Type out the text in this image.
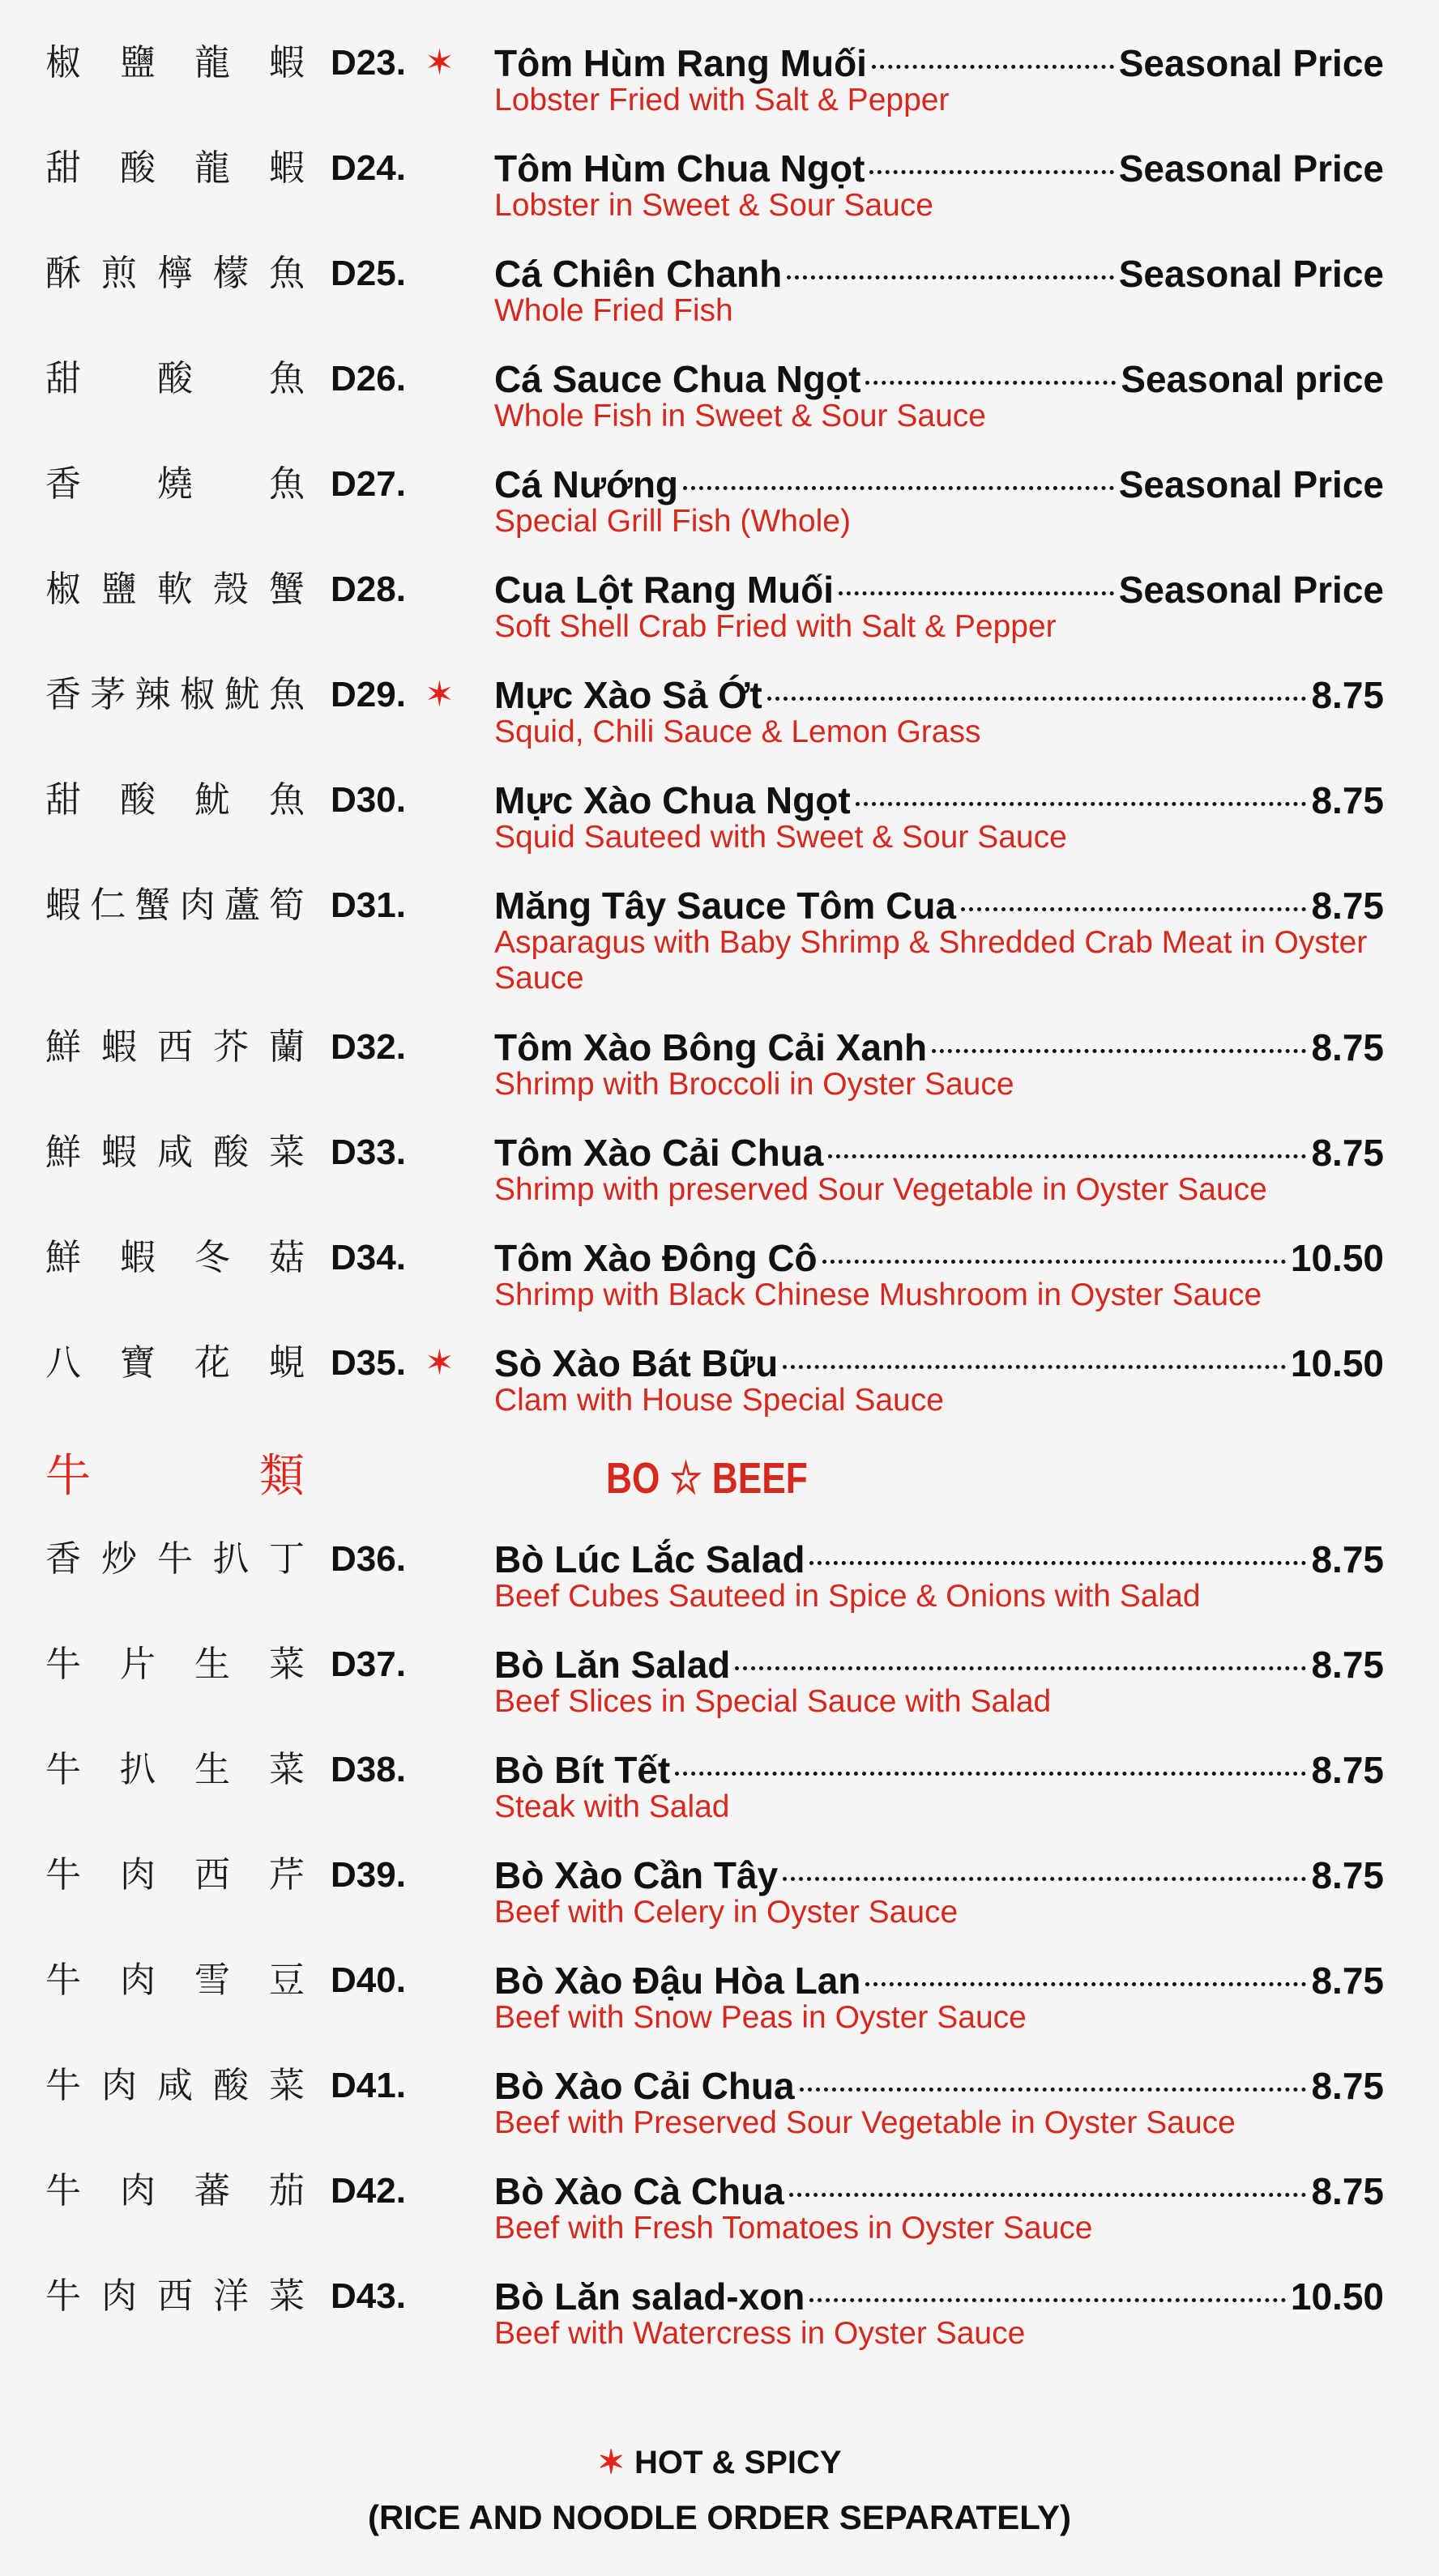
牛	類	BO ☆ BEEF
✶ HOT & SPICY
(RICE AND NOODLE ORDER SEPARATELY)
椒 鹽 龍 蝦 D23. ✶ Tôm Hùm Rang Muối	Seasonal Price
Lobster Fried with Salt & Pepper
甜 酸 龍 蝦 D24. Tôm Hùm Chua Ngọt	Seasonal Price
Lobster in Sweet & Sour Sauce
酥 煎 檸 檬 魚 D25. Cá Chiên Chanh	Seasonal Price
Whole Fried Fish
甜 酸 魚 D26. Cá Sauce Chua Ngọt	Seasonal price
Whole Fish in Sweet & Sour Sauce
香 燒 魚 D27. Cá Nướng	Seasonal Price
Special Grill Fish (Whole)
椒 鹽 軟 殼 蟹 D28. Cua Lột Rang Muối	Seasonal Price
Soft Shell Crab Fried with Salt & Pepper
香 茅 辣 椒 魷 魚 D29. ✶ Mực Xào Sả Ớt	8.75
Squid, Chili Sauce & Lemon Grass
甜 酸 魷 魚 D30. Mực Xào Chua Ngọt	8.75
Squid Sauteed with Sweet & Sour Sauce
蝦 仁 蟹 肉 蘆 筍 D31. Măng Tây Sauce Tôm Cua	8.75
Asparagus with Baby Shrimp & Shredded Crab Meat in Oyster Sauce
鮮 蝦 西 芥 蘭 D32. Tôm Xào Bông Cải Xanh	8.75
Shrimp with Broccoli in Oyster Sauce
鮮 蝦 咸 酸 菜 D33. Tôm Xào Cải Chua	8.75
Shrimp with preserved Sour Vegetable in Oyster Sauce
鮮 蝦 冬 菇 D34. Tôm Xào Đông Cô	10.50
Shrimp with Black Chinese Mushroom in Oyster Sauce
八 寶 花 蜆 D35. ✶ Sò Xào Bát Bữu	10.50
Clam with House Special Sauce
香 炒 牛 扒 丁 D36. Bò Lúc Lắc Salad	8.75
Beef Cubes Sauteed in Spice & Onions with Salad
牛 片 生 菜 D37. Bò Lăn Salad	8.75
Beef Slices in Special Sauce with Salad
牛 扒 生 菜 D38. Bò Bít Tết	8.75
Steak with Salad
牛 肉 西 芹 D39. Bò Xào Cần Tây	8.75
Beef with Celery in Oyster Sauce
牛 肉 雪 豆 D40. Bò Xào Đậu Hòa Lan	8.75
Beef with Snow Peas in Oyster Sauce
牛 肉 咸 酸 菜 D41. Bò Xào Cải Chua	8.75
Beef with Preserved Sour Vegetable in Oyster Sauce
牛 肉 蕃 茄 D42. Bò Xào Cà Chua	8.75
Beef with Fresh Tomatoes in Oyster Sauce
牛 肉 西 洋 菜 D43. Bò Lăn salad-xon	10.50
Beef with Watercress in Oyster Sauce
